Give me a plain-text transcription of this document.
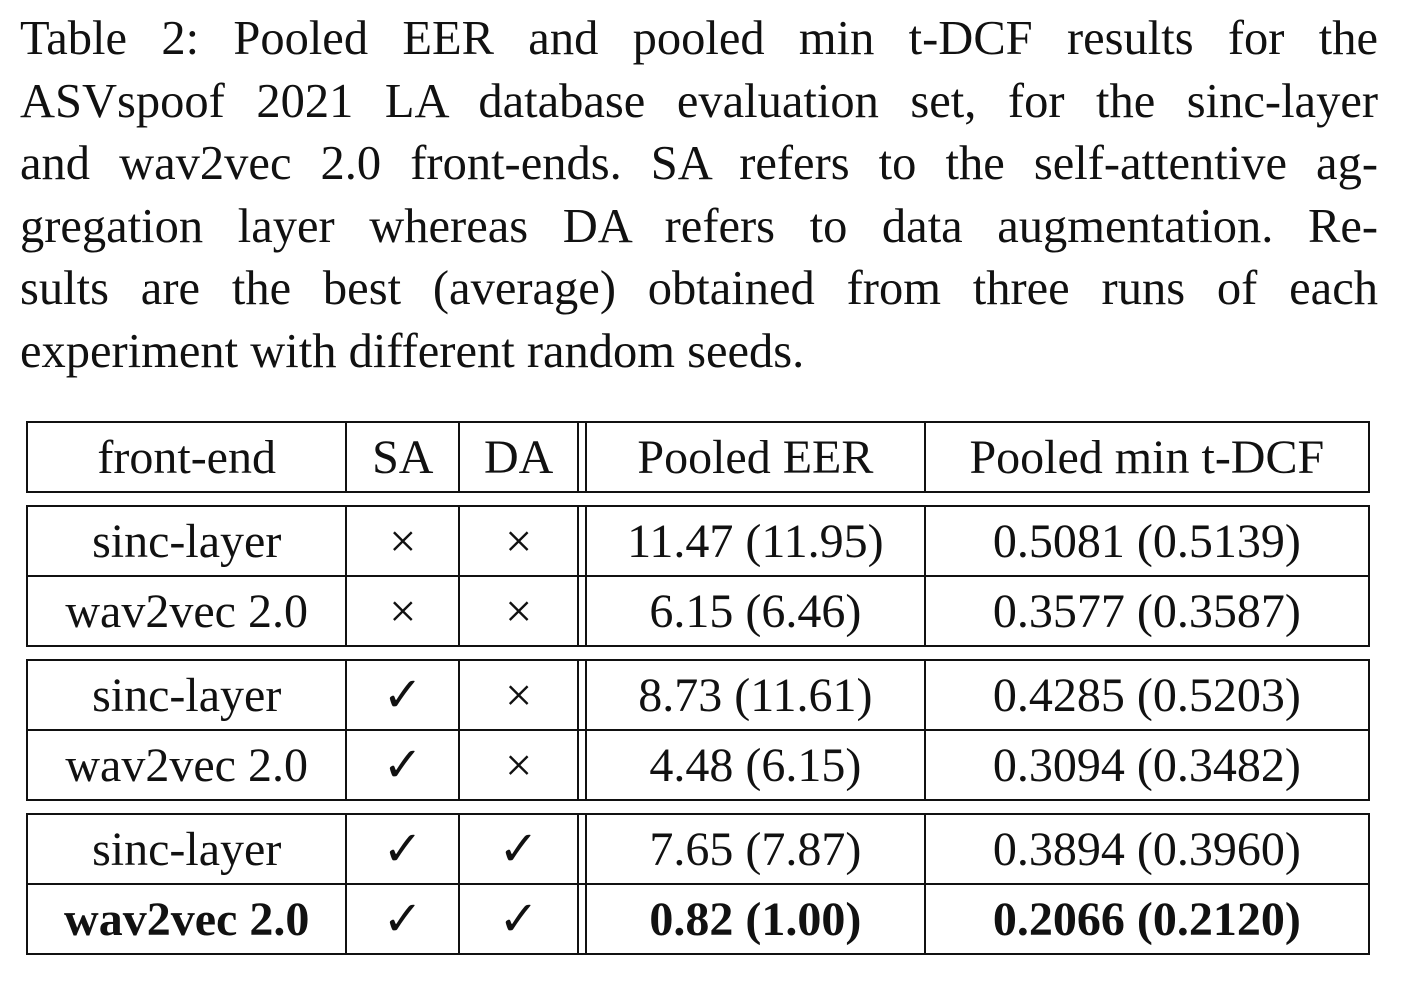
Table 2: Pooled EER and pooled min t-DCF results for the
ASVspoof 2021 LA database evaluation set, for the sinc-layer
and wav2vec 2.0 front-ends. SA refers to the self-attentive ag-
gregation layer whereas DA refers to data augmentation. Re-
sults are the best (average) obtained from three runs of each
experiment with different random seeds.
front-end	SA	DA		Pooled EER	Pooled min t-DCF

sinc-layer	×	×		11.47 (11.95)	0.5081 (0.5139)
wav2vec 2.0	×	×		6.15 (6.46)	0.3577 (0.3587)

sinc-layer	✓	×		8.73 (11.61)	0.4285 (0.5203)
wav2vec 2.0	✓	×		4.48 (6.15)	0.3094 (0.3482)

sinc-layer	✓	✓		7.65 (7.87)	0.3894 (0.3960)
wav2vec 2.0	✓	✓		0.82 (1.00)	0.2066 (0.2120)
